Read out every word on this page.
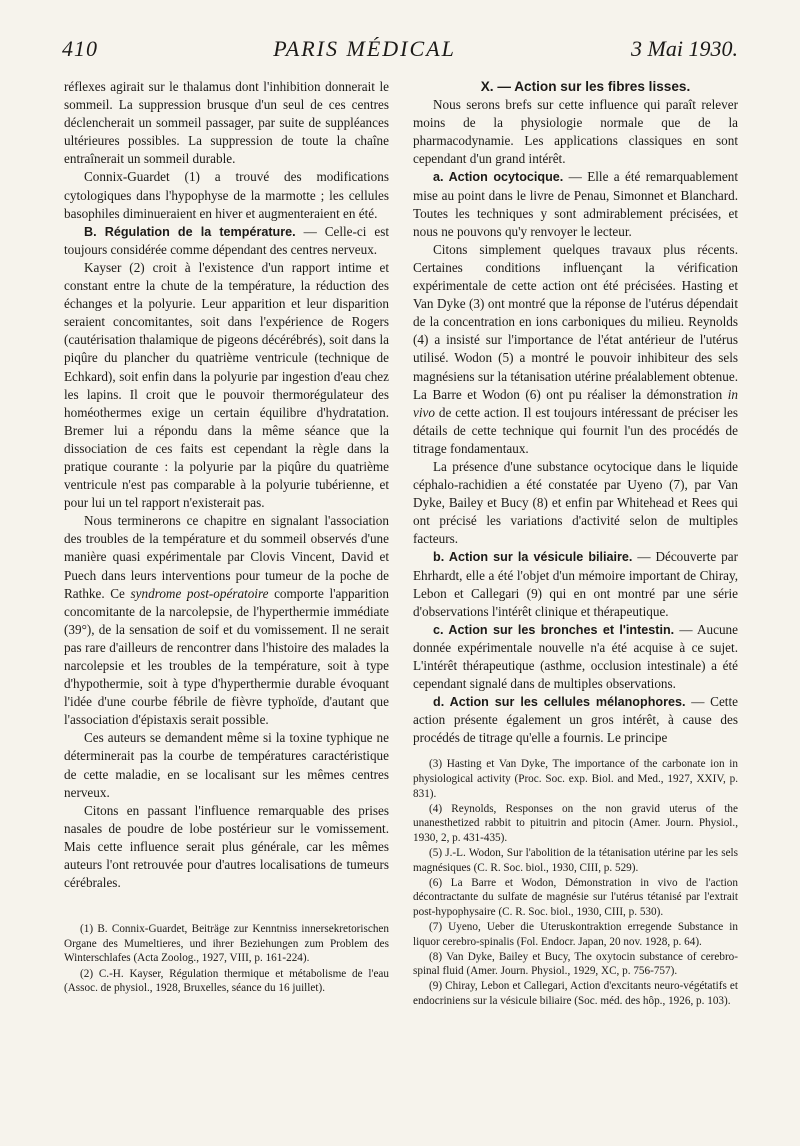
410	PARIS MÉDICAL	3 Mai 1930.

réflexes agirait sur le thalamus dont l'inhibition donnerait le sommeil. La suppression brusque d'un seul de ces centres déclencherait un sommeil passager, par suite de suppléances ultérieures possibles. La suppression de toute la chaîne entraînerait un sommeil durable.

Connix-Guardet (1) a trouvé des modifications cytologiques dans l'hypophyse de la marmotte ; les cellules basophiles diminueraient en hiver et augmenteraient en été.

B. Régulation de la température. — Celle-ci est toujours considérée comme dépendant des centres nerveux.

Kayser (2) croit à l'existence d'un rapport intime et constant entre la chute de la température, la réduction des échanges et la polyurie. Leur apparition et leur disparition seraient concomitantes, soit dans l'expérience de Rogers (cautérisation thalamique de pigeons décérébrés), soit dans la piqûre du plancher du quatrième ventricule (technique de Echkard), soit enfin dans la polyurie par ingestion d'eau chez les lapins. Il croit que le pouvoir thermorégulateur des homéothermes exige un certain équilibre d'hydratation. Bremer lui a répondu dans la même séance que la dissociation de ces faits est cependant la règle dans la pratique courante : la polyurie par la piqûre du quatrième ventricule n'est pas comparable à la polyurie tubérienne, et pour lui un tel rapport n'existerait pas.

Nous terminerons ce chapitre en signalant l'association des troubles de la température et du sommeil observés d'une manière quasi expérimentale par Clovis Vincent, David et Puech dans leurs interventions pour tumeur de la poche de Rathke. Ce syndrome post-opératoire comporte l'apparition concomitante de la narcolepsie, de l'hyperthermie immédiate (39°), de la sensation de soif et du vomissement. Il ne serait pas rare d'ailleurs de rencontrer dans l'histoire des malades la narcolepsie et les troubles de la température, soit à type d'hypothermie, soit à type d'hyperthermie durable évoquant l'idée d'une courbe fébrile de fièvre typhoïde, d'autant que l'association d'épistaxis serait possible.

Ces auteurs se demandent même si la toxine typhique ne déterminerait pas la courbe de températures caractéristique de cette maladie, en se localisant sur les mêmes centres nerveux.

Citons en passant l'influence remarquable des prises nasales de poudre de lobe postérieur sur le vomissement. Mais cette influence serait plus générale, car les mêmes auteurs l'ont retrouvée pour d'autres localisations de tumeurs cérébrales.

(1) B. Connix-Guardet, Beiträge zur Kenntniss innersekretorischen Organe des Mumeltieres, und ihrer Beziehungen zum Problem des Winterschlafes (Acta Zoolog., 1927, VIII, p. 161-224).

(2) C.-H. Kayser, Régulation thermique et métabolisme de l'eau (Assoc. de physiol., 1928, Bruxelles, séance du 16 juillet).

X. — Action sur les fibres lisses.

Nous serons brefs sur cette influence qui paraît relever moins de la physiologie normale que de la pharmacodynamie. Les applications classiques en sont cependant d'un grand intérêt.

a. Action ocytocique. — Elle a été remarquablement mise au point dans le livre de Penau, Simonnet et Blanchard. Toutes les techniques y sont admirablement précisées, et nous ne pouvons qu'y renvoyer le lecteur.

Citons simplement quelques travaux plus récents. Certaines conditions influençant la vérification expérimentale de cette action ont été précisées. Hasting et Van Dyke (3) ont montré que la réponse de l'utérus dépendait de la concentration en ions carboniques du milieu. Reynolds (4) a insisté sur l'importance de l'état antérieur de l'utérus utilisé. Wodon (5) a montré le pouvoir inhibiteur des sels magnésiens sur la tétanisation utérine préalablement obtenue. La Barre et Wodon (6) ont pu réaliser la démonstration in vivo de cette action. Il est toujours intéressant de préciser les détails de cette technique qui fournit l'un des procédés de titrage fondamentaux.

La présence d'une substance ocytocique dans le liquide céphalo-rachidien a été constatée par Uyeno (7), par Van Dyke, Bailey et Bucy (8) et enfin par Whitehead et Rees qui ont précisé les variations d'activité selon de multiples facteurs.

b. Action sur la vésicule biliaire. — Découverte par Ehrhardt, elle a été l'objet d'un mémoire important de Chiray, Lebon et Callegari (9) qui en ont montré par une série d'observations l'intérêt clinique et thérapeutique.

c. Action sur les bronches et l'intestin. — Aucune donnée expérimentale nouvelle n'a été acquise à ce sujet. L'intérêt thérapeutique (asthme, occlusion intestinale) a été cependant signalé dans de multiples observations.

d. Action sur les cellules mélanophores. — Cette action présente également un gros intérêt, à cause des procédés de titrage qu'elle a fournis. Le principe

(3) Hasting et Van Dyke, The importance of the carbonate ion in physiological activity (Proc. Soc. exp. Biol. and Med., 1927, XXIV, p. 831).

(4) Reynolds, Responses on the non gravid uterus of the unanesthetized rabbit to pituitrin and pitocin (Amer. Journ. Physiol., 1930, 2, p. 431-435).

(5) J.-L. Wodon, Sur l'abolition de la tétanisation utérine par les sels magnésiques (C. R. Soc. biol., 1930, CIII, p. 529).

(6) La Barre et Wodon, Démonstration in vivo de l'action décontractante du sulfate de magnésie sur l'utérus tétanisé par l'extrait post-hypophysaire (C. R. Soc. biol., 1930, CIII, p. 530).

(7) Uyeno, Ueber die Uteruskontraktion erregende Substance in liquor cerebro-spinalis (Fol. Endocr. Japan, 20 nov. 1928, p. 64).

(8) Van Dyke, Bailey et Bucy, The oxytocin substance of cerebro-spinal fluid (Amer. Journ. Physiol., 1929, XC, p. 756-757).

(9) Chiray, Lebon et Callegari, Action d'excitants neuro-végétatifs et endocriniens sur la vésicule biliaire (Soc. méd. des hôp., 1926, p. 103).
